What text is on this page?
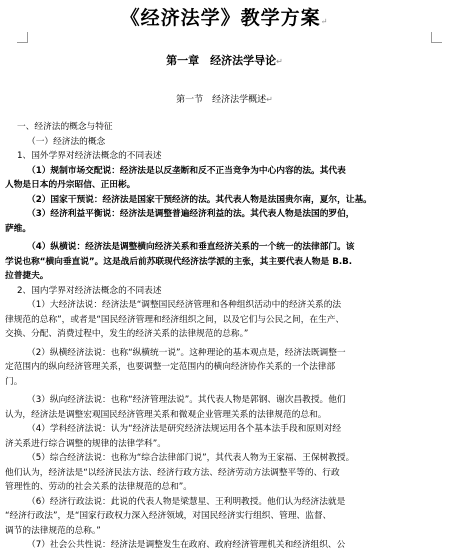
《经济法学》教学方案↵
第一章　经济法学导论↵
第一节　经济法学概述↵

一、经济法的概念与特征

（一）经济法的概念

1、国外学界对经济法概念的不同表述

（1）规制市场交配说：经济法是以反垄断和反不正当竞争为中心内容的法。其代表

人物是日本的丹宗昭信、正田彬。

（2）国家干预说：经济法是国家干预经济的法。其代表人物是法国贵尔南，夏尔，让基。

（3）经济利益平衡说：经济法是调整普遍经济利益的法。其代表人物是法国的罗伯，

萨维。

（4）纵横说：经济法是调整横向经济关系和垂直经济关系的一个统一的法律部门。该

学说也称“横向垂直说”。这是战后前苏联现代经济法学派的主张，其主要代表人物是 B.B.

拉普捷夫。

2、国内学界对经济法概念的不同表述

（1）大经济法说：经济法是“调整国民经济管理和各种组织活动中的经济关系的法

律规范的总称”，或者是“国民经济管理和经济组织之间，以及它们与公民之间，在生产、

交换、分配、消费过程中，发生的经济关系的法律规范的总称。”

（2）纵横经济法说：也称“纵横统一说”。这种理论的基本观点是，经济法既调整一

定范围内的纵向经济管理关系，也要调整一定范围内的横向经济协作关系的一个法律部

门。

（3）纵向经济法说：也称“经济管理法说”。其代表人物是郭钢、谢次昌教授。他们

认为，经济法是调整宏观国民经济管理关系和微观企业管理关系的法律规范的总和。

（4）学科经济法说：认为“经济法是研究经济法规运用各个基本法手段和原则对经

济关系进行综合调整的规律的法律学科”。

（5）综合经济法说：也称为“综合法律部门说”，其代表人物为王家福、王保树教授。

他们认为，经济法是“以经济民法方法、经济行政方法、经济劳动方法调整平等的、行政

管理性的、劳动的社会关系的法律规范的总和”。

（6）经济行政法说：此说的代表人物是梁慧星、王利明教授。他们认为经济法就是

“经济行政法”，是“国家行政权力深入经济领域，对国民经济实行组织、管理、监督、

调节的法律规范的总称。”

（7）社会公共性说：经济法是调整发生在政府、政府经济管理机关和经济组织、公
